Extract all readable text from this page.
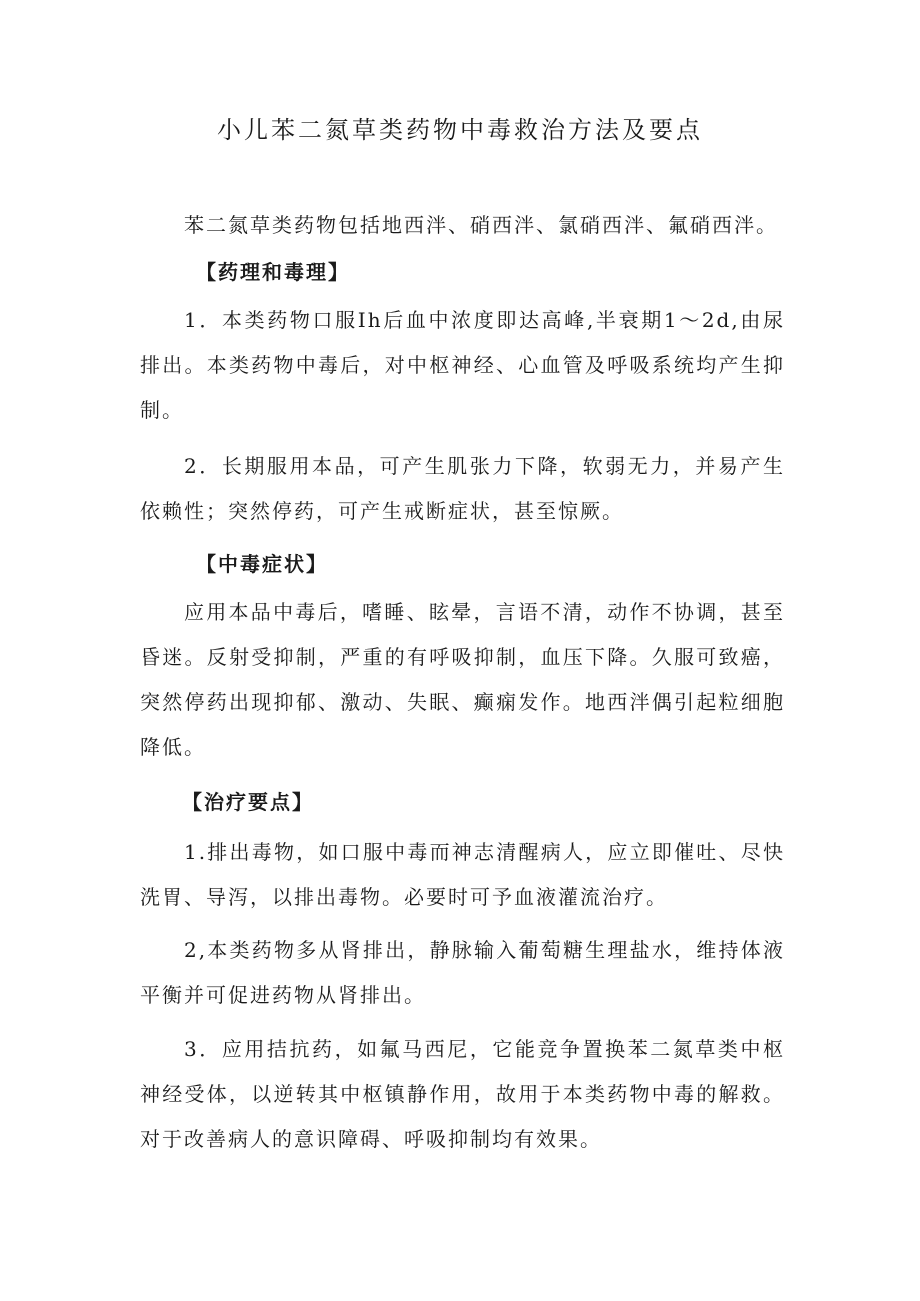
小儿苯二氮草类药物中毒救治方法及要点

苯二氮草类药物包括地西泮、硝西泮、氯硝西泮、氟硝西泮。

【药理和毒理】

1．本类药物口服Ih后血中浓度即达高峰,半衰期1～2d,由尿排出。本类药物中毒后，对中枢神经、心血管及呼吸系统均产生抑制。

2．长期服用本品，可产生肌张力下降，软弱无力，并易产生依赖性；突然停药，可产生戒断症状，甚至惊厥。

【中毒症状】

应用本品中毒后，嗜睡、眩晕，言语不清，动作不协调，甚至昏迷。反射受抑制，严重的有呼吸抑制，血压下降。久服可致癌，突然停药出现抑郁、激动、失眠、癫痫发作。地西泮偶引起粒细胞降低。

【治疗要点】

1.排出毒物，如口服中毒而神志清醒病人，应立即催吐、尽快洗胃、导泻，以排出毒物。必要时可予血液灌流治疗。

2,本类药物多从肾排出，静脉输入葡萄糖生理盐水，维持体液平衡并可促进药物从肾排出。

3．应用拮抗药，如氟马西尼，它能竞争置换苯二氮草类中枢神经受体，以逆转其中枢镇静作用，故用于本类药物中毒的解救。对于改善病人的意识障碍、呼吸抑制均有效果。
